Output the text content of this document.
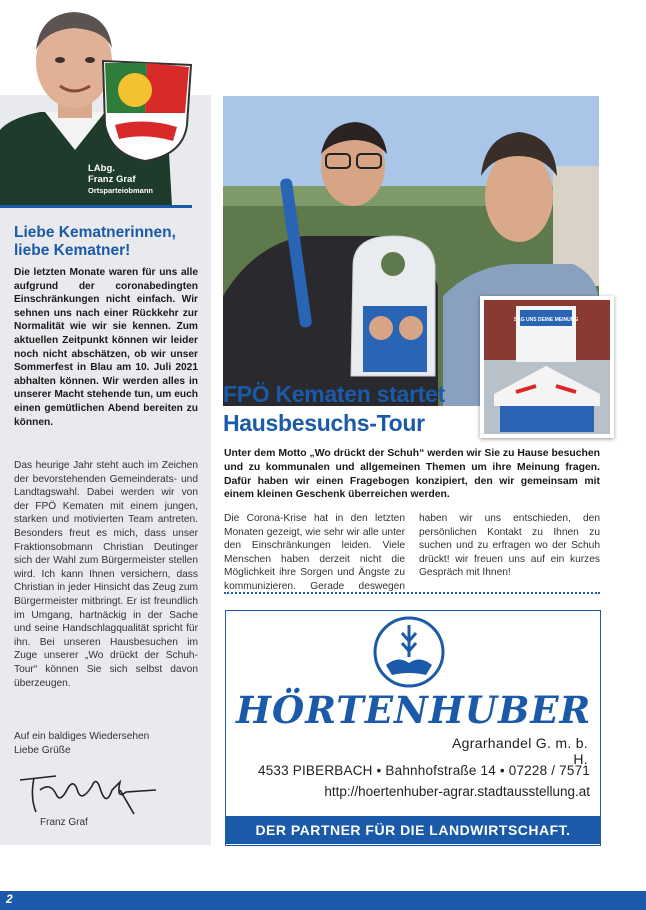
LAbg.
Franz Graf
Ortsparteiobmann
Liebe Kematnerinnen,
liebe Kematner!
Die letzten Monate waren für uns alle aufgrund der coronabedingten Einschränkungen nicht einfach. Wir sehnen uns nach einer Rückkehr zur Normalität wie wir sie kennen. Zum aktuellen Zeitpunkt können wir leider noch nicht abschätzen, ob wir unser Sommerfest in Blau am 10. Juli 2021 abhalten können. Wir werden alles in unserer Macht stehende tun, um euch einen gemütlichen Abend bereiten zu können.
Das heurige Jahr steht auch im Zeichen der bevorstehenden Gemeinderats- und Landtagswahl. Dabei werden wir von der FPÖ Kematen mit einem jungen, starken und motivierten Team antreten. Besonders freut es mich, dass unser Fraktionsobmann Christian Deutinger sich der Wahl zum Bürgermeister stellen wird. Ich kann Ihnen versichern, dass Christian in jeder Hinsicht das Zeug zum Bürgermeister mitbringt. Er ist freundlich im Umgang, hartnäckig in der Sache und seine Handschlagqualität spricht für ihn. Bei unseren Hausbesuchen im Zuge unserer „Wo drückt der Schuh-Tour“ können Sie sich selbst davon überzeugen.
Auf ein baldiges Wiedersehen
Liebe Grüße
Franz Graf
SAG UNS DEINE MEINUNG
FPÖ Kematen startet
Hausbesuchs-Tour
Unter dem Motto „Wo drückt der Schuh“ werden wir Sie zu Hause besuchen und zu kommunalen und allgemeinen Themen um ihre Meinung fragen. Dafür haben wir einen Fragebogen konzipiert, den wir gemeinsam mit einem kleinen Geschenk überreichen werden.
Die Corona-Krise hat in den letzten Monaten gezeigt, wie sehr wir alle unter den Einschränkungen leiden. Viele Menschen haben derzeit nicht die Möglichkeit ihre Sorgen und Ängste zu kommunizieren. Gerade deswegen haben wir uns entschieden, den persönlichen Kontakt zu Ihnen zu suchen und zu erfragen wo der Schuh drückt! wir freuen uns auf ein kurzes Gespräch mit Ihnen!
HÖRTENHUBER
Agrarhandel G. m. b. H.
4533 PIBERBACH • Bahnhofstraße 14 • 07228 / 7571
http://hoertenhuber-agrar.stadtausstellung.at
DER PARTNER FÜR DIE LANDWIRTSCHAFT.
2
